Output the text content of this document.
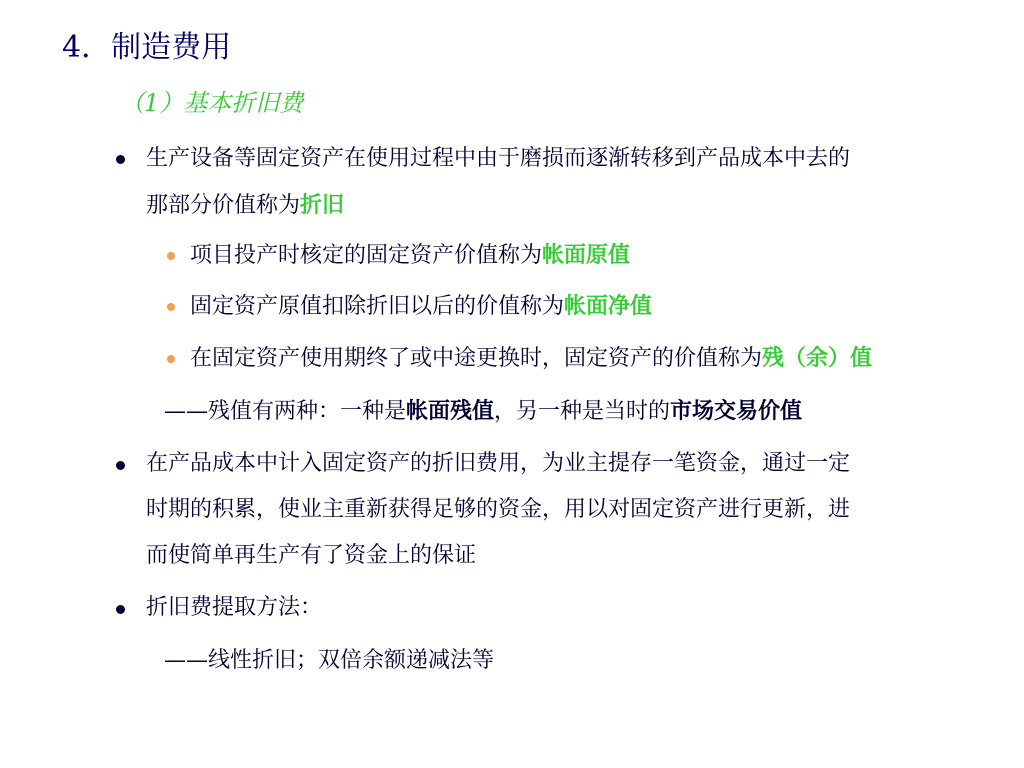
4．制造费用
（1）基本折旧费
生产设备等固定资产在使用过程中由于磨损而逐渐转移到产品成本中去的
那部分价值称为折旧
项目投产时核定的固定资产价值称为帐面原值
固定资产原值扣除折旧以后的价值称为帐面净值
在固定资产使用期终了或中途更换时，固定资产的价值称为残（余）值
——残值有两种：一种是帐面残值，另一种是当时的市场交易价值
在产品成本中计入固定资产的折旧费用，为业主提存一笔资金，通过一定
时期的积累，使业主重新获得足够的资金，用以对固定资产进行更新，进
而使简单再生产有了资金上的保证
折旧费提取方法：
——线性折旧；双倍余额递减法等
